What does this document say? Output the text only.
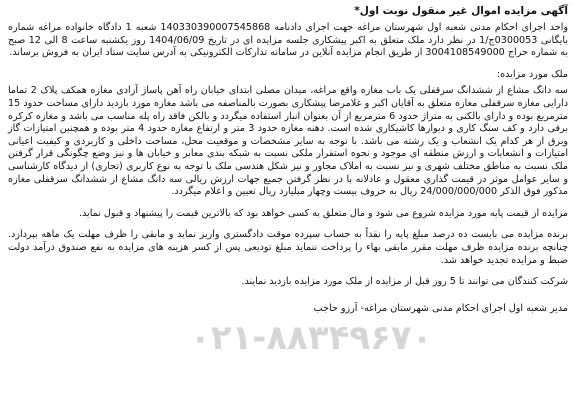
آگهی مزایده اموال غیر منقول نوبت اول*

واحد اجرای احکام مدنی شعبه اول شهرستان مراغه جهت اجرای دادنامه 140330390007545868 شعبه 1 دادگاه خانواده مراغه شماره بایگانی 0300053ج/1 در نظر دارد ملک متعلق به اکبر پیشکاری جلسه مزایده ای در تاریخ 1404/06/09 روز یکشنبه ساعت 8 الی 12 صبح به شماره حراج 3004108549000 از طریق انجام مزایده آنلاین در سامانه تدارکات الکترونیکی به آدرس سایت ستاد ایران به فروش برساند.

ملک مورد مزایده:

سه دانگ مشاع از ششدانگ سرقفلی یک باب مغازه واقع مراغه، میدان مصلی ابتدای خیابان راه آهن پاساژ آزادی مغازه همکف پلاک 2 تماما دارایی مغازه سرقفلی مغازه متعلق به آقایان اکبر و غلامرضا پیشکاری بصورت بالمناصفه می باشد مغازه مورد بازدید دارای مساحت حدود 15 مترمربع بوده و دارای بالکنی به متراژ حدود 6 مترمربع از آن بعنوان انبار استفاده میگردد و بالکن فاقد راه پله مناسب می باشد و مغازه کرکره برقی دارد و کف سنگ کاری و دیوارها کاشیکاری شده است. دهنه مغازه حدود 3 متر و ارتفاع مغازه حدود 4 متر بوده و همچنین امتیازات گاز وبرق از هر کدام یک انشعاب و یک رشته می باشد. با توجه به سایر مشخصات و موقعیت محل، مساحت داخلی و کاربردی و کیفیت اعیانی امتیازات و انشعابات و ارزش منطقه ای موجود و نحوه استقرار ملکی نسبت به شبکه بندی معابر و خیابان ها و نیز وضع چگونگی قرار گرفتن ملک نسبت به مناطق مختلف شهری و نیز نسبت به املاک مجاور و نیز شکل هندسی ملک با توجه به نوع کاربری (تجاری) از دیدگاه کارشناسی و سایر عوامل موثر در قیمت گذاری معقول و عادلانه با در نظر گرفتن جمیع جهات ارزش ریالی سه دانگ مشاع از ششدانگ سرقفلی مغازه مذکور فوق الذکر 24/000/000/000 ریال به حروف بیست وچهار میلیارد ریال تعیین و اعلام میگردد.

مزایده از قیمت پایه مورد مزایده شروع می شود و مال متعلق به کسی خواهد بود که بالاترین قیمت را پیشنهاد و قبول نماید.

برنده مزایده می بایست ده درصد مبلغ پایه را نقداً به حساب سپرده موقت دادگستری واریز نماید و مابقی را ظرف مهلت یک ماهه بپردازد. چنانچه برنده مزایده ظرف مهلت مقرر مابقی بهاء را پرداخت ننماید مبلغ تودیعی پس از کسر هزینه های مزایده به نفع صندوق درآمد دولت ضبط و مزایده تجدید خواهد شد.

شرکت کنندگان می توانند تا 5 روز قبل از مزایده از ملک مورد مزایده بازدید نمایند.

مدیر شعبه اول اجرای احکام مدنی شهرستان مراغه- آرزو حاجب
۰۲۱-۸۸۳۴۹۶۷۰
